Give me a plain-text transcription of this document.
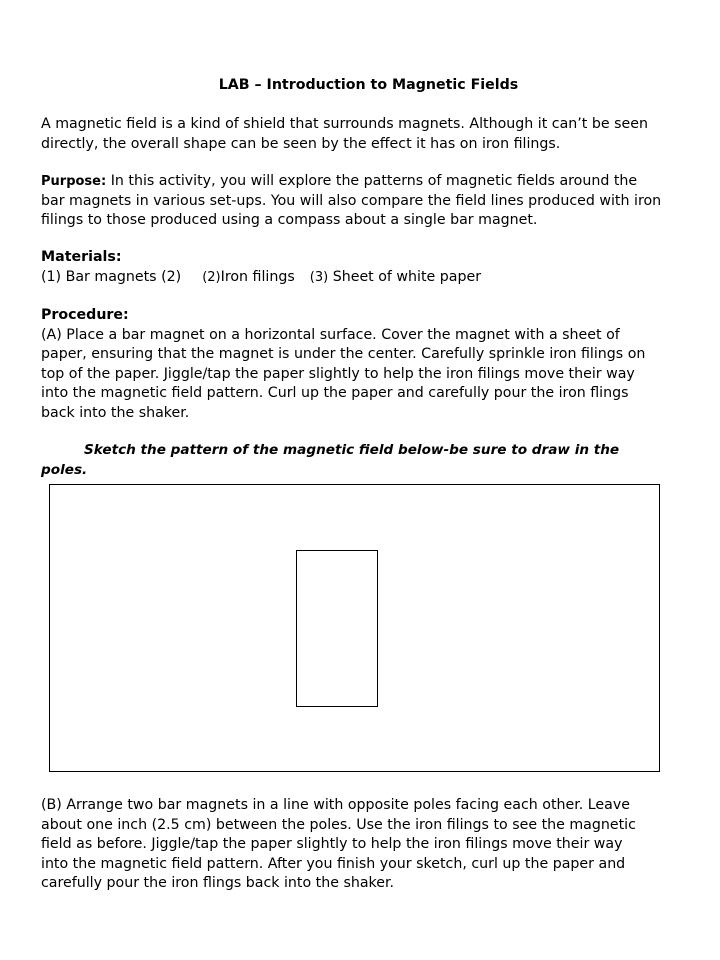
LAB – Introduction to Magnetic Fields
A magnetic field is a kind of shield that surrounds magnets. Although it can’t be seen
directly, the overall shape can be seen by the effect it has on iron filings.
Purpose: In this activity, you will explore the patterns of magnetic fields around the
bar magnets in various set-ups. You will also compare the field lines produced with iron
filings to those produced using a compass about a single bar magnet.
Materials:
(1) Bar magnets (2) (2)Iron filings (3) Sheet of white paper
Procedure:
(A) Place a bar magnet on a horizontal surface. Cover the magnet with a sheet of
paper, ensuring that the magnet is under the center. Carefully sprinkle iron filings on
top of the paper. Jiggle/tap the paper slightly to help the iron filings move their way
into the magnetic field pattern. Curl up the paper and carefully pour the iron flings
back into the shaker.
Sketch the pattern of the magnetic field below-be sure to draw in the
poles.
(B) Arrange two bar magnets in a line with opposite poles facing each other. Leave
about one inch (2.5 cm) between the poles. Use the iron filings to see the magnetic
field as before. Jiggle/tap the paper slightly to help the iron filings move their way
into the magnetic field pattern. After you finish your sketch, curl up the paper and
carefully pour the iron flings back into the shaker.
